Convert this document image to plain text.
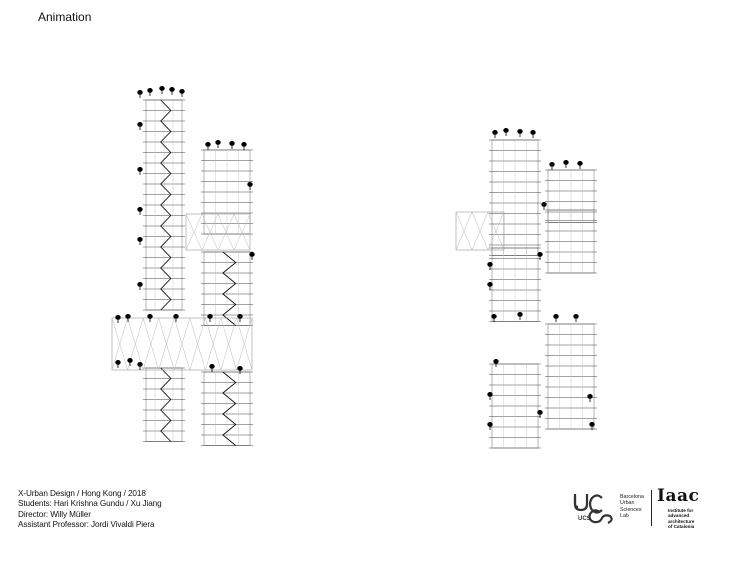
Animation
X-Urban Design / Hong Kong / 2018
Students: Hari Krishna Gundu / Xu Jiang
Director: Willy Müller
Assistant Professor: Jordi Vivaldi Piera
UCS
Barcelona
Urban
Sciences
Lab
Iaac
Institute for
advanced
architecture
of Catalonia
